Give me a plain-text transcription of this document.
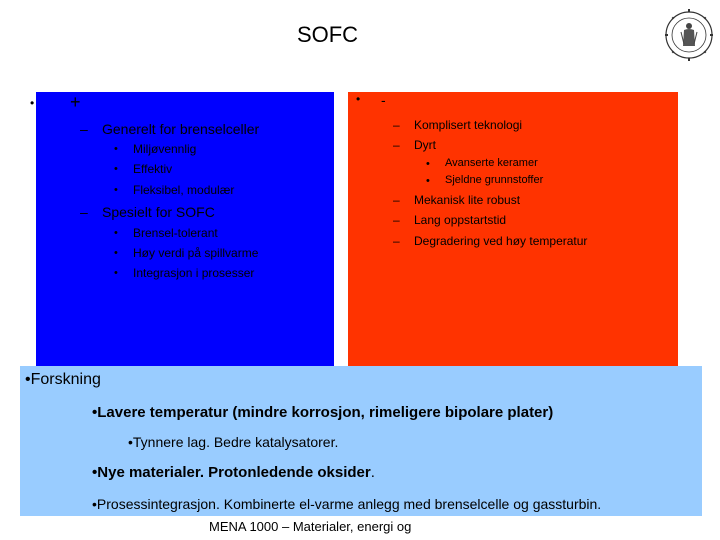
SOFC
• +
– Generelt for brenselceller
• Miljøvennlig
• Effektiv
• Fleksibel, modulær
– Spesielt for SOFC
• Brensel-tolerant
• Høy verdi på spillvarme
• Integrasjon i prosesser
• -
– Komplisert teknologi
– Dyrt
• Avanserte keramer
• Sjeldne grunnstoffer
– Mekanisk lite robust
– Lang oppstartstid
– Degradering ved høy temperatur
•Forskning
•Lavere temperatur (mindre korrosjon, rimeligere bipolare plater)
•Tynnere lag. Bedre katalysatorer.
•Nye materialer. Protonledende oksider.
•Prosessintegrasjon. Kombinerte el-varme anlegg med brenselcelle og gassturbin.
MENA 1000 – Materialer, energi og
